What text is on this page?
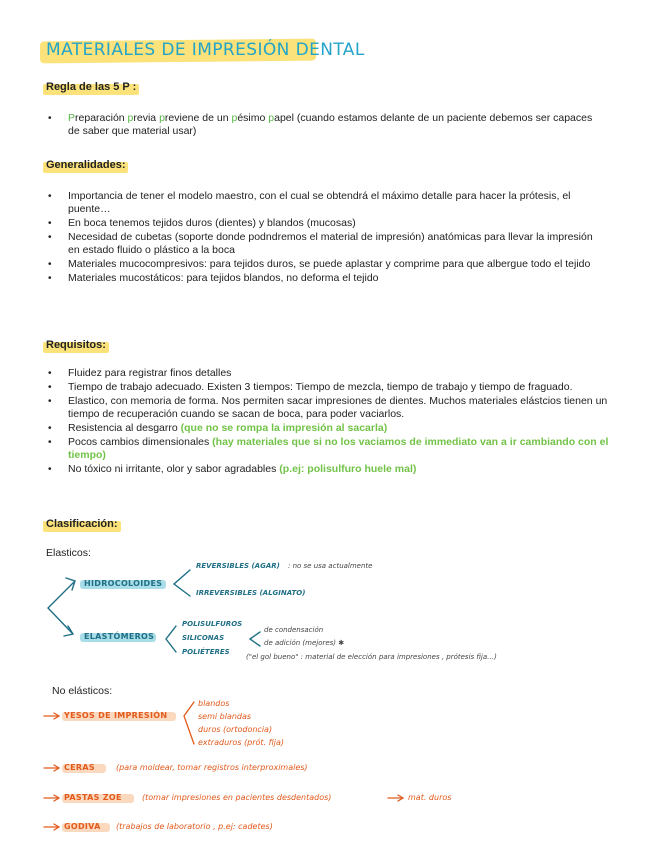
MATERIALES DE IMPRESIÓN DENTAL
Regla de las 5 P :
• Preparación previa previene de un pésimo papel (cuando estamos delante de un paciente debemos ser capaces de saber que material usar)
Generalidades:
• Importancia de tener el modelo maestro, con el cual se obtendrá el máximo detalle para hacer la prótesis, el puente…
• En boca tenemos tejidos duros (dientes) y blandos (mucosas)
• Necesidad de cubetas (soporte donde podndremos el material de impresión) anatómicas para llevar la impresión en estado fluido o plástico a la boca
• Materiales mucocompresivos: para tejidos duros, se puede aplastar y comprime para que albergue todo el tejido
• Materiales mucostáticos: para tejidos blandos, no deforma el tejido
Requisitos:
• Fluidez para registrar finos detalles
• Tiempo de trabajo adecuado. Existen 3 tiempos: Tiempo de mezcla, tiempo de trabajo y tiempo de fraguado.
• Elastico, con memoria de forma. Nos permiten sacar impresiones de dientes. Muchos materiales elástcios tienen un tiempo de recuperación cuando se sacan de boca, para poder vaciarlos.
• Resistencia al desgarro (que no se rompa la impresión al sacarla)
• Pocos cambios dimensionales (hay materiales que si no los vaciamos de immediato van a ir cambiando con el tiempo)
• No tóxico ni irritante, olor y sabor agradables (p.ej: polisulfuro huele mal)
Clasificación:
Elasticos:
HIDROCOLOIDES
REVERSIBLES (AGAR) : no se usa actualmente
IRREVERSIBLES (ALGINATO)
ELASTÓMEROS
POLISULFUROS
SILICONAS
POLIÉTERES
de condensación
de adición (mejores) ✱
("el gol bueno" : material de elección para impresiones , prótesis fija…)
No elásticos:
YESOS DE IMPRESIÓN
blandos
semi blandas
duros (ortodoncia)
extraduros (prót. fija)
CERAS	(para moldear, tomar registros interproximales)
PASTAS ZOE	(tomar impresiones en pacientes desdentados)	mat. duros
GODIVA (trabajos de laboratorio , p.ej: cadetes)
